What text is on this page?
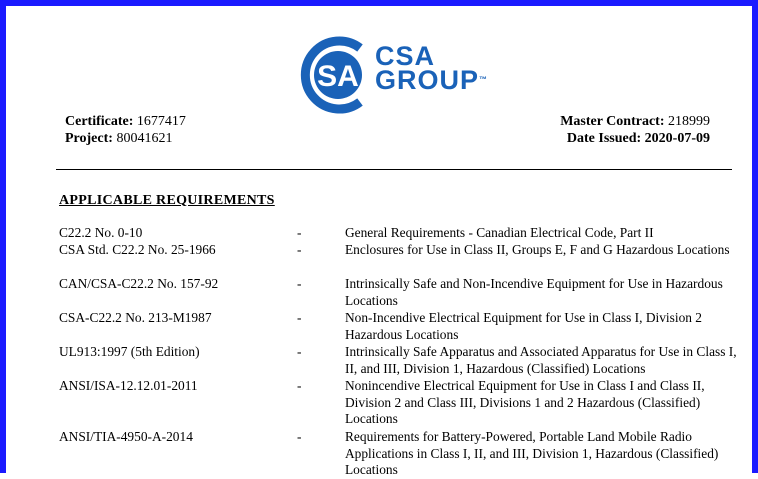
SA
CSA
GROUP™
Certificate: 1677417
Project: 80041621
Master Contract: 218999
Date Issued: 2020-07-09
APPLICABLE REQUIREMENTS
C22.2 No. 0-10	-	General Requirements - Canadian Electrical Code, Part II
CSA Std. C22.2 No. 25-1966	-	Enclosures for Use in Class II, Groups E, F and G Hazardous Locations
CAN/CSA-C22.2 No. 157-92	-	Intrinsically Safe and Non-Incendive Equipment for Use in Hazardous Locations
CSA-C22.2 No. 213-M1987	-	Non-Incendive Electrical Equipment for Use in Class I, Division 2 Hazardous Locations
UL913:1997 (5th Edition)	-	Intrinsically Safe Apparatus and Associated Apparatus for Use in Class I, II, and III, Division 1, Hazardous (Classified) Locations
ANSI/ISA-12.12.01-2011	-	Nonincendive Electrical Equipment for Use in Class I and Class II, Division 2 and Class III, Divisions 1 and 2 Hazardous (Classified) Locations
ANSI/TIA-4950-A-2014	-	Requirements for Battery-Powered, Portable Land Mobile Radio Applications in Class I, II, and III, Division 1, Hazardous (Classified) Locations
